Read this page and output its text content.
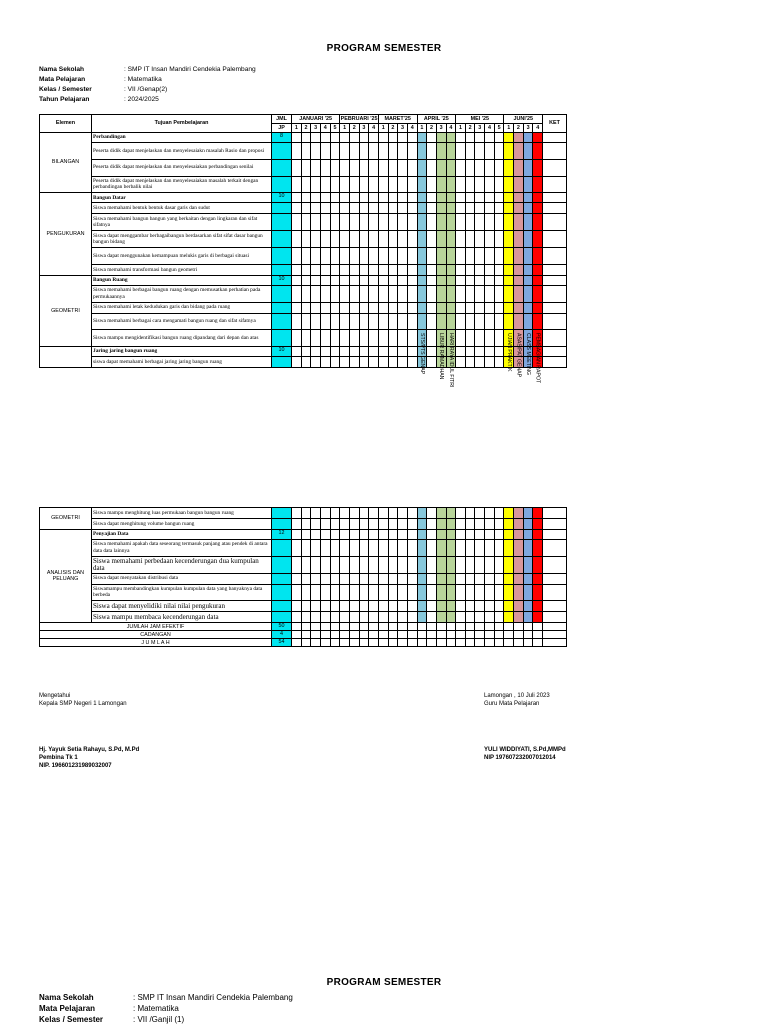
PROGRAM SEMESTER
Nama Sekolah	: SMP IT Insan Mandiri Cendekia Palembang
Mata Pelajaran	: Matematika
Kelas / Semester	: VII /Genap(2)
Tahun Pelajaran	: 2024/2025
Elemen	Tujuan Pembelajaran	JML	JANUARI '25					PEBRUARI '25				MARET'25				APRIL '25				MEI '25					JUNI'25				KET
		JP	1	2	3	4	5	1	2	3	4	1	2	3	4	1	2	3	4	1	2	3	4	5	1	2	3	4	
BILANGAN	Perbandingan	8																											
	Peserta didik dapat menjelaskan dan menyelesaiakn masalah Rasio dan proposi																												
	Peserta didik dapat menjelaskan dan menyelesaiakan perbandingan senilai																												
	Peserta didik dapat menjelaskan dan menyelesaiakan masalah terkait dengan perbandingan berbalik nilai																												
PENGUKURAN	Bangun Datar	10																											
	Siswa memahami bentuk bentuk dasar garis dan sudut																												
	Siswa memahami bangun bangun yang berkaitan dengan lingkaran dan sifat sifatnya																												
	Siswa dapat menggambar berbagaibangun berdasarkan sifat sifat dasar bangun bangun bidang																												
	Siswa dapat menggunakan kemampuan melukis garis di berbagai situasi																												
	Siswa memahami transformasi bangun geometri																												
GEOMETRI	Bangun Ruang	10																											
	Siswa memahami berbagai bangun ruang dengan memusatkan perhatian pada permukaannya																												
	Siswa memahami letak kedudukan garis dan bidang pada ruang																												
	Siswa memahami berbagai cara mengamati bangun ruang dan sifat sifatnya																												
	Siswa mampu mengidentifikasi bangun ruang dipandang dari depan dan atas																												
	Jaring jaring bangun ruang	10																											
	siswa dapat memahami berbagai jaring jaring bangun ruang																												
GEOMETRI	Siswa mampu menghitung luas permukaan bangun bangun ruang																												
	Siswa dapat menghitung volume bangun ruang																												
ANALISIS DAN PELUANG	Penyajian Data	12																											
	Siswa memahami apakah data seseorang termasuk panjang atau pendek di antara data data lainnya																												
	Siswa memahami perbedaan kecenderungan dua kumpulan data																												
	Siswa dapat menyatakan distribusi data																												
	Siswamampu membandingkan kumpulan kumpulan data yang banyaknya data berbeda																												
	Siswa dapat menyelidiki nilai nilai pengukuran																												
	Siswa mampu membaca kecenderungan data																												
JUMLAH JAM EFEKTIF		50																											
CADANGAN		4																											
J U M L A H		54																											
STS/PTS GENAP	LIBUR RAMADHAN HARI RAYA IDUL FITRI	UJIAN PRAKTIK ASAS/PAT GENAP CLASS MEETING PEMBAGIAN RAPOT
Mengetahui
Kepala SMP Negeri 1 Lamongan
Hj. Yayuk Setia Rahayu, S.Pd, M.Pd
Pembina Tk 1
NIP. 196601231989032007
Lamongan , 10 Juli 2023
Guru Mata Pelajaran
YULI WIDDIYATI, S.Pd,MMPd
NIP 197607232007012014
PROGRAM SEMESTER
Nama Sekolah	: SMP IT Insan Mandiri Cendekia Palembang
Mata Pelajaran	: Matematika
Kelas / Semester	: VII /Ganjil (1)
